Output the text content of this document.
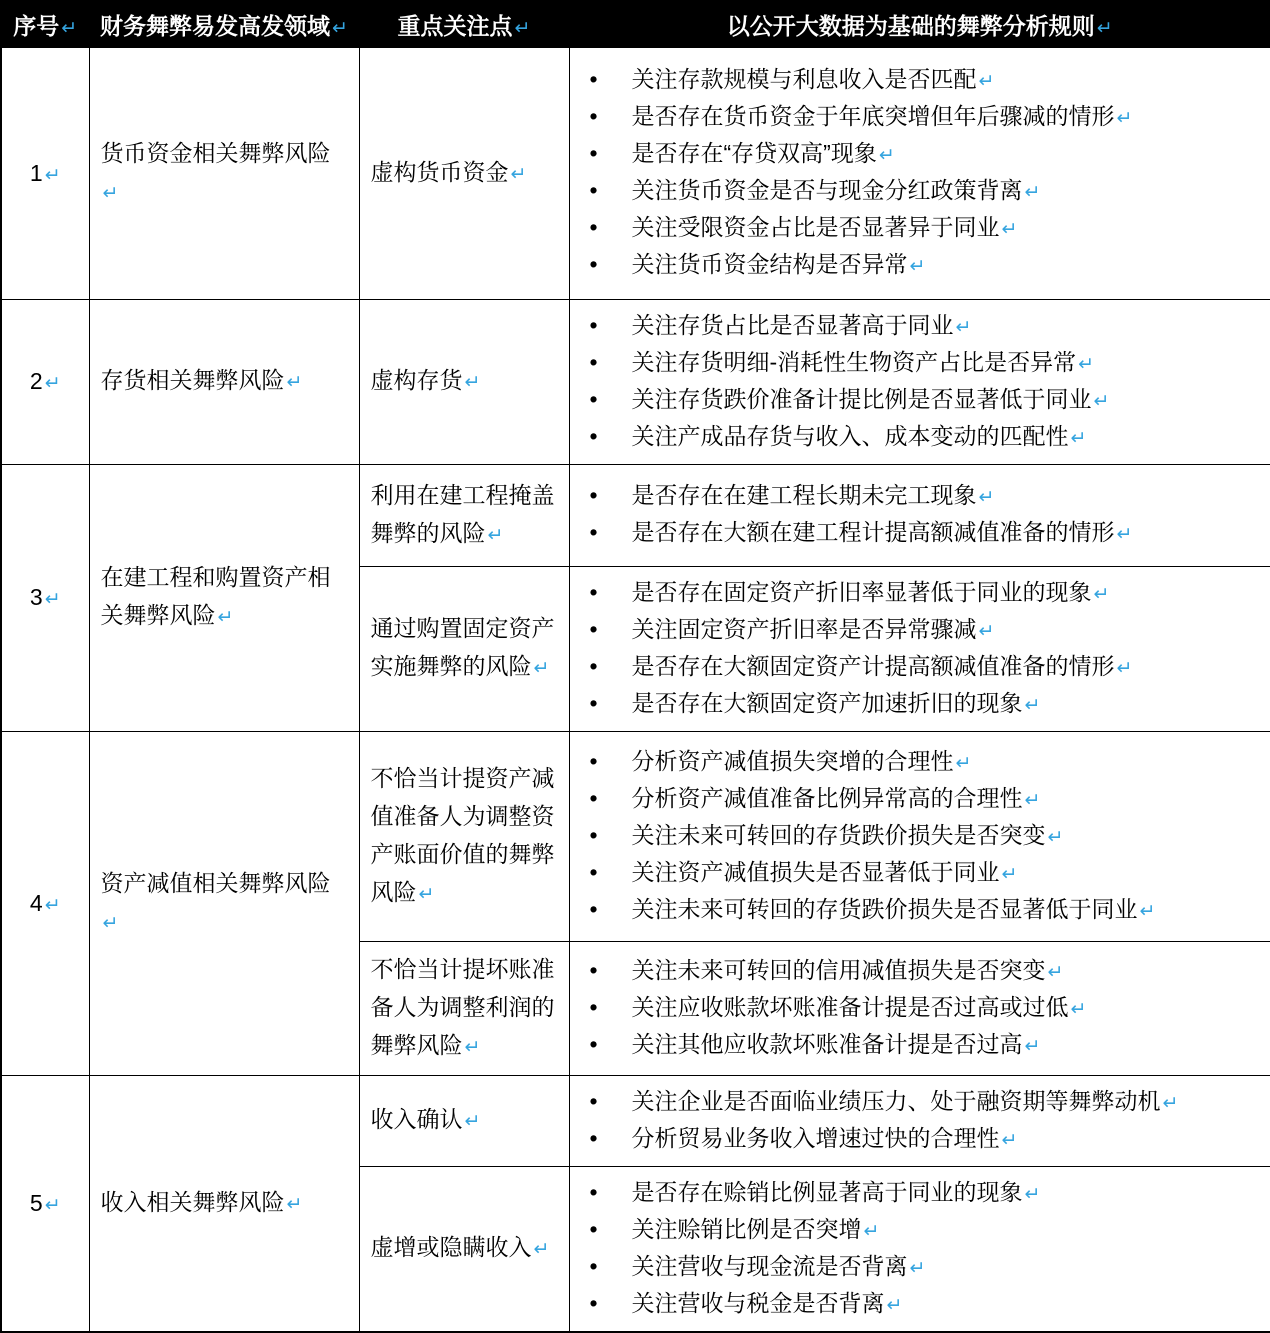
序号 ↵	财务舞弊易发高发领域 ↵	重点关注点 ↵	以公开大数据为基础的舞弊分析规则 ↵
1 ↵	货币资金相关舞弊风险↵	虚构货币资金 ↵	
•	关注存款规模与利息收入是否匹配 ↵
•	是否存在货币资金于年底突增但年后骤减的情形 ↵
•	是否存在“存贷双高”现象 ↵
•	关注货币资金是否与现金分红政策背离 ↵
•	关注受限资金占比是否显著异于同业 ↵
•	关注货币资金结构是否异常 ↵

2 ↵	存货相关舞弊风险 ↵	虚构存货 ↵	
•	关注存货占比是否显著高于同业 ↵
•	关注存货明细-消耗性生物资产占比是否异常 ↵
•	关注存货跌价准备计提比例是否显著低于同业 ↵
•	关注产成品存货与收入、成本变动的匹配性 ↵

3 ↵	在建工程和购置资产相关舞弊风险 ↵	利用在建工程掩盖舞弊的风险 ↵	
•	是否存在在建工程长期未完工现象 ↵
•	是否存在大额在建工程计提高额减值准备的情形 ↵

通过购置固定资产实施舞弊的风险 ↵	
•	是否存在固定资产折旧率显著低于同业的现象 ↵
•	关注固定资产折旧率是否异常骤减 ↵
•	是否存在大额固定资产计提高额减值准备的情形 ↵
•	是否存在大额固定资产加速折旧的现象 ↵

4 ↵	资产减值相关舞弊风险↵	不恰当计提资产减值准备人为调整资产账面价值的舞弊风险 ↵	
•	分析资产减值损失突增的合理性 ↵
•	分析资产减值准备比例异常高的合理性 ↵
•	关注未来可转回的存货跌价损失是否突变 ↵
•	关注资产减值损失是否显著低于同业 ↵
•	关注未来可转回的存货跌价损失是否显著低于同业 ↵

不恰当计提坏账准备人为调整利润的舞弊风险 ↵	
•	关注未来可转回的信用减值损失是否突变 ↵
•	关注应收账款坏账准备计提是否过高或过低 ↵
•	关注其他应收款坏账准备计提是否过高 ↵

5 ↵	收入相关舞弊风险 ↵	收入确认 ↵	
•	关注企业是否面临业绩压力、处于融资期等舞弊动机 ↵
•	分析贸易业务收入增速过快的合理性 ↵

虚增或隐瞒收入 ↵	
•	是否存在赊销比例显著高于同业的现象 ↵
•	关注赊销比例是否突增 ↵
•	关注营收与现金流是否背离 ↵
•	关注营收与税金是否背离 ↵
